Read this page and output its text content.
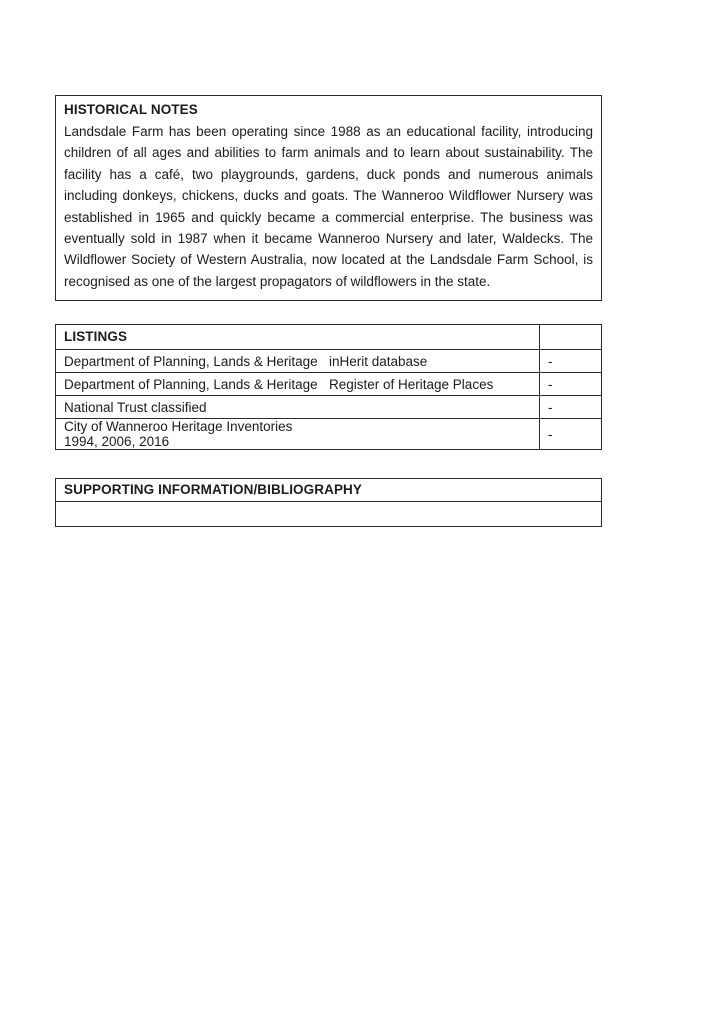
HISTORICAL NOTES
Landsdale Farm has been operating since 1988 as an educational facility, introducing children of all ages and abilities to farm animals and to learn about sustainability. The facility has a café, two playgrounds, gardens, duck ponds and numerous animals including donkeys, chickens, ducks and goats. The Wanneroo Wildflower Nursery was established in 1965 and quickly became a commercial enterprise. The business was eventually sold in 1987 when it became Wanneroo Nursery and later, Waldecks. The Wildflower Society of Western Australia, now located at the Landsdale Farm School, is recognised as one of the largest propagators of wildflowers in the state.
LISTINGS
Department of Planning, Lands & Heritage inHerit database	-
Department of Planning, Lands & Heritage Register of Heritage Places	-
National Trust classified	-
City of Wanneroo Heritage Inventories 1994, 2006, 2016	-
SUPPORTING INFORMATION/BIBLIOGRAPHY
